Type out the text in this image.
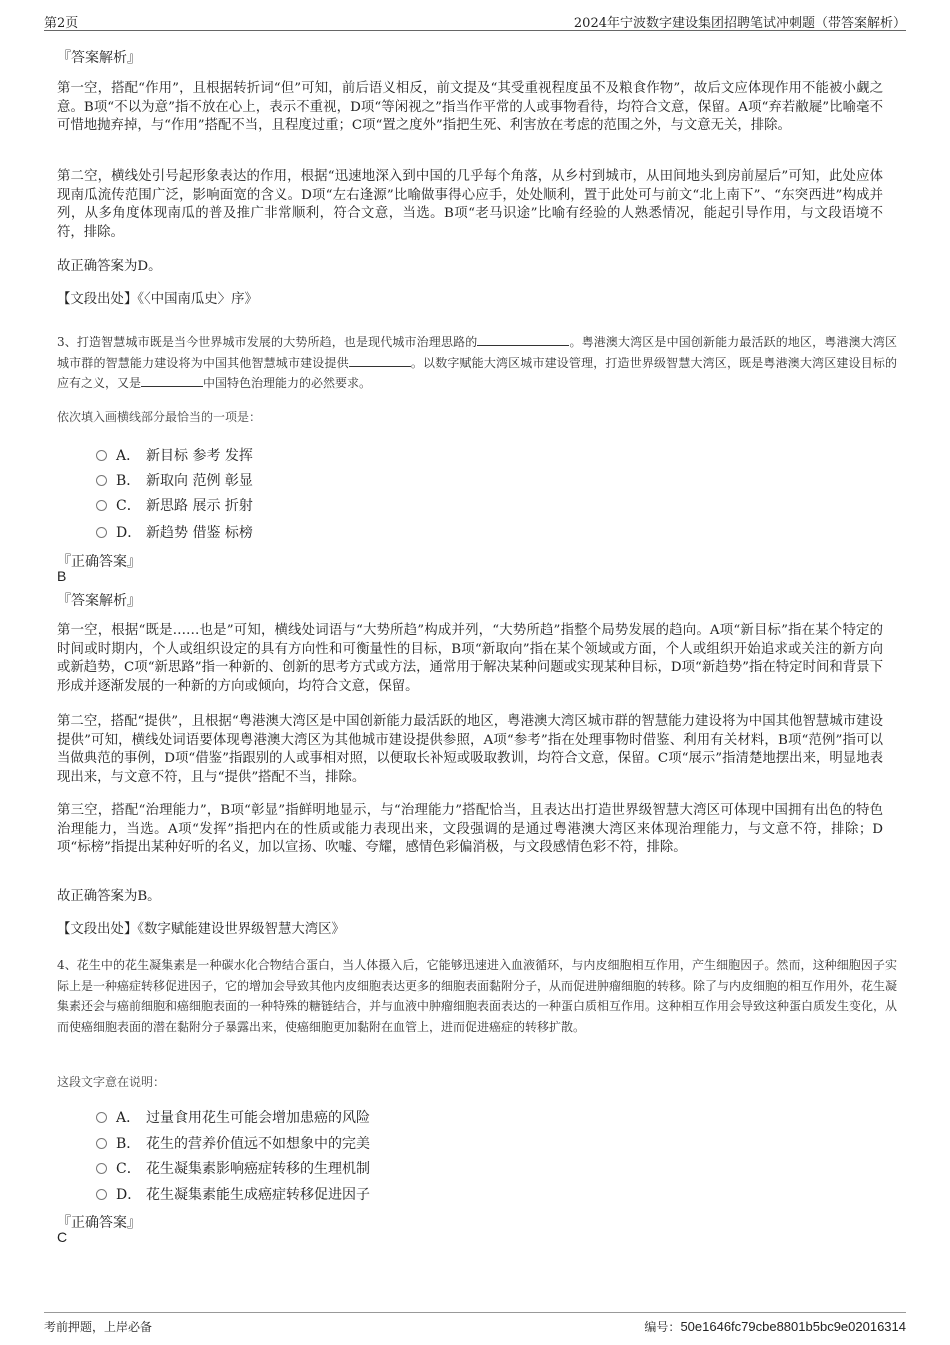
第2页	2024年宁波数字建设集团招聘笔试冲刺题（带答案解析）
『答案解析』

第一空，搭配“作用”，且根据转折词“但”可知，前后语义相反，前文提及“其受重视程度虽不及粮食作物”，故后文应体现作用不能被小觑之意。B项“不以为意”指不放在心上，表示不重视，D项“等闲视之”指当作平常的人或事物看待，均符合文意，保留。A项“弃若敝屣”比喻毫不可惜地抛弃掉，与“作用”搭配不当，且程度过重；C项“置之度外”指把生死、利害放在考虑的范围之外，与文意无关，排除。

第二空，横线处引号起形象表达的作用，根据“迅速地深入到中国的几乎每个角落，从乡村到城市，从田间地头到房前屋后”可知，此处应体现南瓜流传范围广泛，影响面宽的含义。D项“左右逢源”比喻做事得心应手，处处顺利，置于此处可与前文“北上南下”、“东突西进”构成并列，从多角度体现南瓜的普及推广非常顺利，符合文意，当选。B项“老马识途”比喻有经验的人熟悉情况，能起引导作用，与文段语境不符，排除。

故正确答案为D。

【文段出处】《〈中国南瓜史〉序》

3、打造智慧城市既是当今世界城市发展的大势所趋，也是现代城市治理思路的	。粤港澳大湾区是中国创新能力最活跃的地区，粤港澳大湾区城市群的智慧能力建设将为中国其他智慧城市建设提供	。以数字赋能大湾区城市建设管理，打造世界级智慧大湾区，既是粤港澳大湾区建设目标的应有之义，又是	中国特色治理能力的必然要求。

依次填入画横线部分最恰当的一项是：
A． 新目标 参考 发挥
B． 新取向 范例 彰显
C． 新思路 展示 折射
D． 新趋势 借鉴 标榜
『正确答案』
B
『答案解析』

第一空，根据“既是……也是”可知，横线处词语与“大势所趋”构成并列，“大势所趋”指整个局势发展的趋向。A项“新目标”指在某个特定的时间或时期内，个人或组织设定的具有方向性和可衡量性的目标，B项“新取向”指在某个领域或方面，个人或组织开始追求或关注的新方向或新趋势，C项“新思路”指一种新的、创新的思考方式或方法，通常用于解决某种问题或实现某种目标，D项“新趋势”指在特定时间和背景下形成并逐渐发展的一种新的方向或倾向，均符合文意，保留。

第二空，搭配“提供”，且根据“粤港澳大湾区是中国创新能力最活跃的地区，粤港澳大湾区城市群的智慧能力建设将为中国其他智慧城市建设提供”可知，横线处词语要体现粤港澳大湾区为其他城市建设提供参照，A项“参考”指在处理事物时借鉴、利用有关材料，B项“范例”指可以当做典范的事例，D项“借鉴”指跟别的人或事相对照，以便取长补短或吸取教训，均符合文意，保留。C项“展示”指清楚地摆出来，明显地表现出来，与文意不符，且与“提供”搭配不当，排除。

第三空，搭配“治理能力”，B项“彰显”指鲜明地显示，与“治理能力”搭配恰当，且表达出打造世界级智慧大湾区可体现中国拥有出色的特色治理能力，当选。A项“发挥”指把内在的性质或能力表现出来，文段强调的是通过粤港澳大湾区来体现治理能力，与文意不符，排除；D项“标榜”指提出某种好听的名义，加以宣扬、吹嘘、夸耀，感情色彩偏消极，与文段感情色彩不符，排除。

故正确答案为B。

【文段出处】《数字赋能建设世界级智慧大湾区》

4、花生中的花生凝集素是一种碳水化合物结合蛋白，当人体摄入后，它能够迅速进入血液循环，与内皮细胞相互作用，产生细胞因子。然而，这种细胞因子实际上是一种癌症转移促进因子，它的增加会导致其他内皮细胞表达更多的细胞表面黏附分子，从而促进肿瘤细胞的转移。除了与内皮细胞的相互作用外，花生凝集素还会与癌前细胞和癌细胞表面的一种特殊的糖链结合，并与血液中肿瘤细胞表面表达的一种蛋白质相互作用。这种相互作用会导致这种蛋白质发生变化，从而使癌细胞表面的潜在黏附分子暴露出来，使癌细胞更加黏附在血管上，进而促进癌症的转移扩散。

这段文字意在说明：
A． 过量食用花生可能会增加患癌的风险
B． 花生的营养价值远不如想象中的完美
C． 花生凝集素影响癌症转移的生理机制
D． 花生凝集素能生成癌症转移促进因子
『正确答案』
C
考前押题，上岸必备	编号：50e1646fc79cbe8801b5bc9e02016314
